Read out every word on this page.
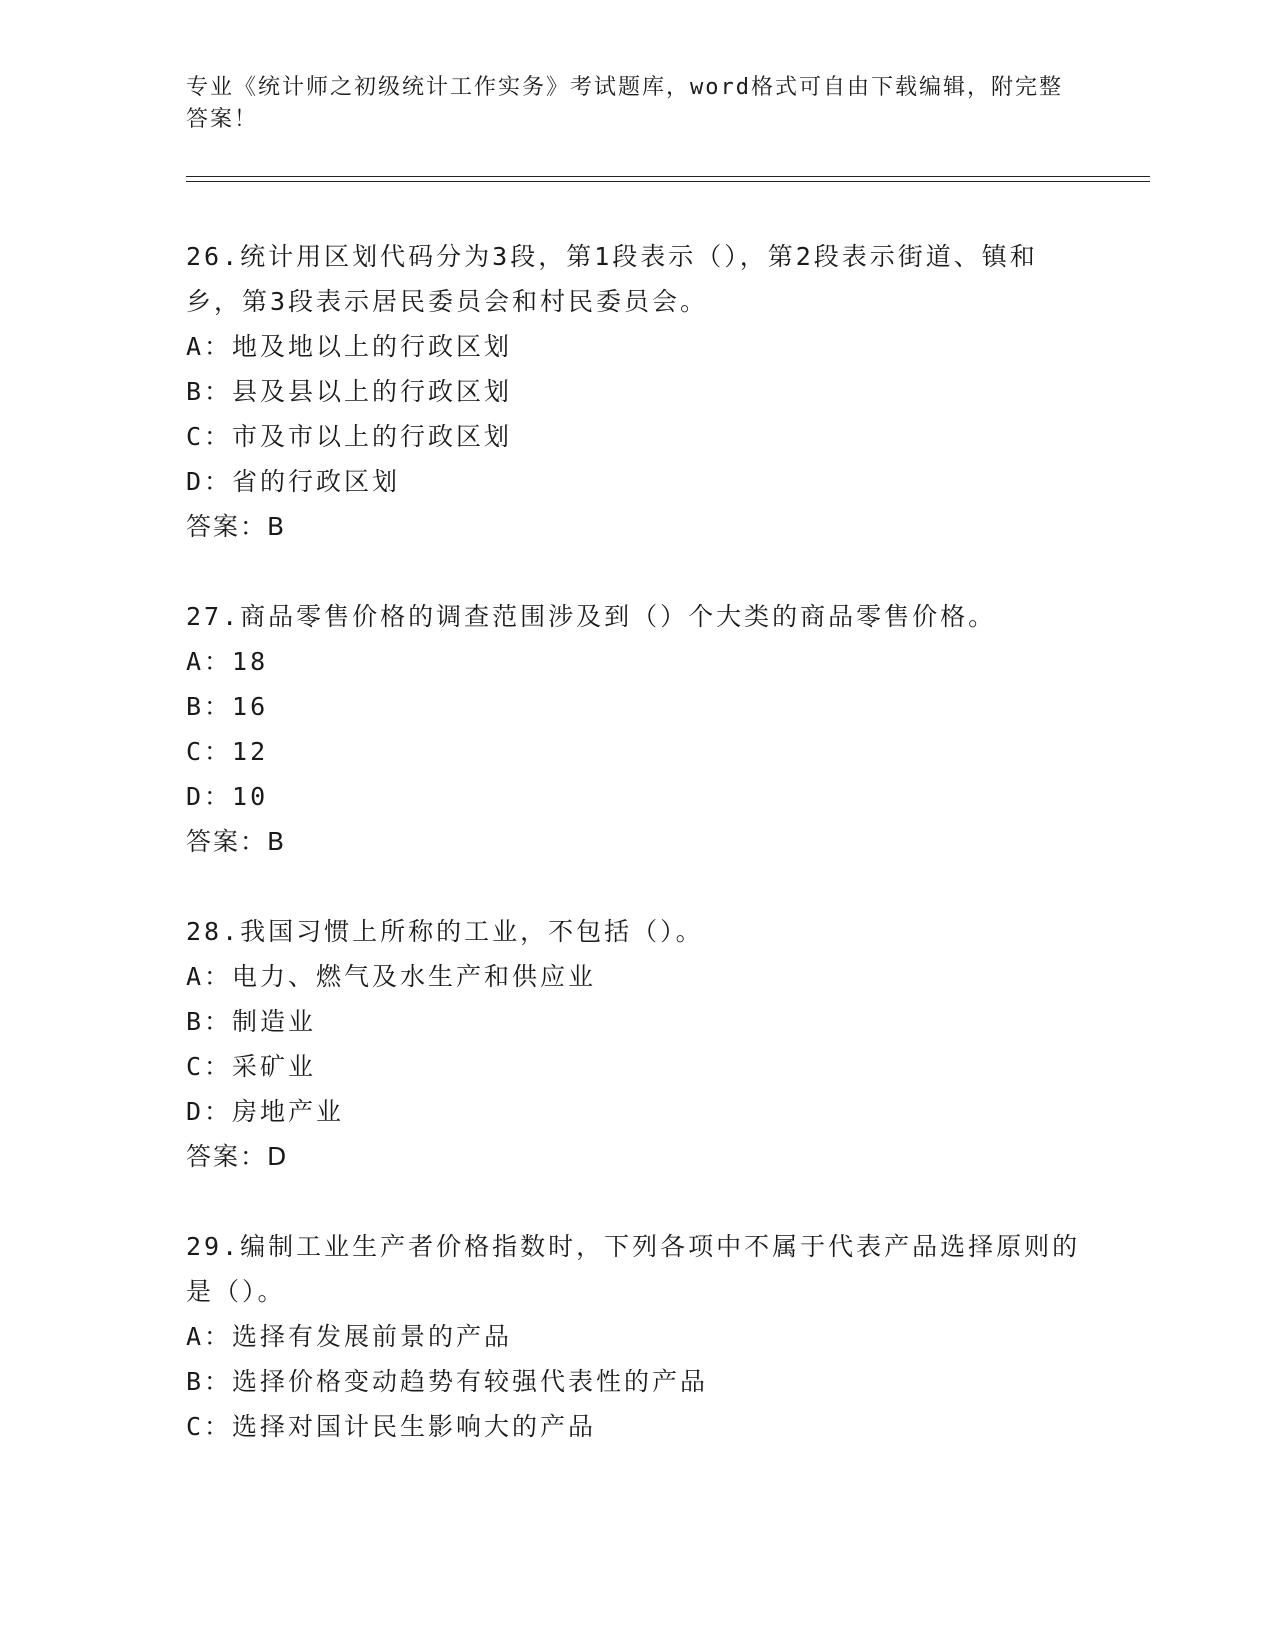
专业《统计师之初级统计工作实务》考试题库，word格式可自由下载编辑，附完整答案！

26.统计用区划代码分为3段，第1段表示（），第2段表示街道、镇和乡，第3段表示居民委员会和村民委员会。

A：地及地以上的行政区划

B：县及县以上的行政区划

C：市及市以上的行政区划

D：省的行政区划

答案：B

27.商品零售价格的调查范围涉及到（）个大类的商品零售价格。

A：18

B：16

C：12

D：10

答案：B

28.我国习惯上所称的工业，不包括（）。

A：电力、燃气及水生产和供应业

B：制造业

C：采矿业

D：房地产业

答案：D

29.编制工业生产者价格指数时，下列各项中不属于代表产品选择原则的是（）。

A：选择有发展前景的产品

B：选择价格变动趋势有较强代表性的产品

C：选择对国计民生影响大的产品
